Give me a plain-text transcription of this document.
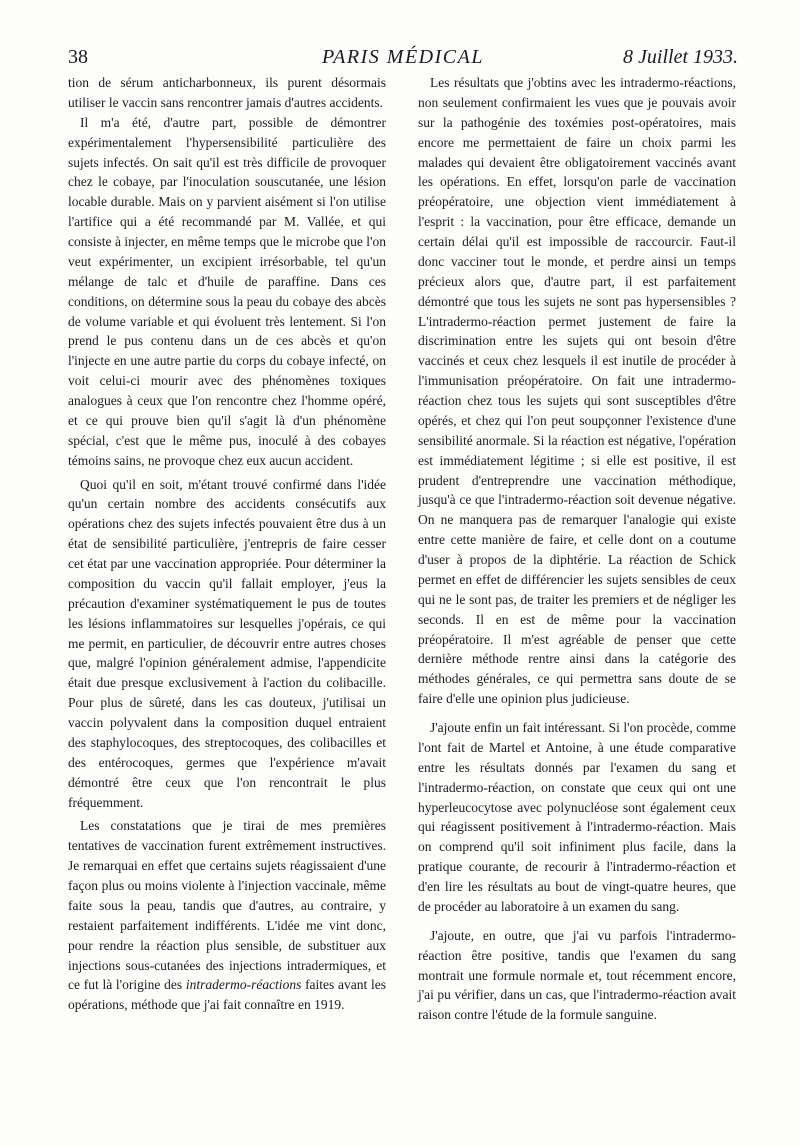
38	PARIS MÉDICAL	8 Juillet 1933.

tion de sérum anticharbonneux, ils purent désormais utiliser le vaccin sans rencontrer jamais d'autres accidents.

Il m'a été, d'autre part, possible de démontrer expérimentalement l'hypersensibilité particulière des sujets infectés. On sait qu'il est très difficile de provoquer chez le cobaye, par l'inoculation souscutanée, une lésion locable durable. Mais on y parvient aisément si l'on utilise l'artifice qui a été recommandé par M. Vallée, et qui consiste à injecter, en même temps que le microbe que l'on veut expérimenter, un excipient irrésorbable, tel qu'un mélange de talc et d'huile de paraffine. Dans ces conditions, on détermine sous la peau du cobaye des abcès de volume variable et qui évoluent très lentement. Si l'on prend le pus contenu dans un de ces abcès et qu'on l'injecte en une autre partie du corps du cobaye infecté, on voit celui-ci mourir avec des phénomènes toxiques analogues à ceux que l'on rencontre chez l'homme opéré, et ce qui prouve bien qu'il s'agit là d'un phénomène spécial, c'est que le même pus, inoculé à des cobayes témoins sains, ne provoque chez eux aucun accident.

Quoi qu'il en soit, m'étant trouvé confirmé dans l'idée qu'un certain nombre des accidents consécutifs aux opérations chez des sujets infectés pouvaient être dus à un état de sensibilité particulière, j'entrepris de faire cesser cet état par une vaccination appropriée. Pour déterminer la composition du vaccin qu'il fallait employer, j'eus la précaution d'examiner systématiquement le pus de toutes les lésions inflammatoires sur lesquelles j'opérais, ce qui me permit, en particulier, de découvrir entre autres choses que, malgré l'opinion généralement admise, l'appendicite était due presque exclusivement à l'action du colibacille. Pour plus de sûreté, dans les cas douteux, j'utilisai un vaccin polyvalent dans la composition duquel entraient des staphylocoques, des streptocoques, des colibacilles et des entérocoques, germes que l'expérience m'avait démontré être ceux que l'on rencontrait le plus fréquemment.

Les constatations que je tirai de mes premières tentatives de vaccination furent extrêmement instructives. Je remarquai en effet que certains sujets réagissaient d'une façon plus ou moins violente à l'injection vaccinale, même faite sous la peau, tandis que d'autres, au contraire, y restaient parfaitement indifférents. L'idée me vint donc, pour rendre la réaction plus sensible, de substituer aux injections sous-cutanées des injections intradermiques, et ce fut là l'origine des intradermo-réactions faites avant les opérations, méthode que j'ai fait connaître en 1919.

Les résultats que j'obtins avec les intradermo-réactions, non seulement confirmaient les vues que je pouvais avoir sur la pathogénie des toxémies post-opératoires, mais encore me permettaient de faire un choix parmi les malades qui devaient être obligatoirement vaccinés avant les opérations. En effet, lorsqu'on parle de vaccination préopératoire, une objection vient immédiatement à l'esprit : la vaccination, pour être efficace, demande un certain délai qu'il est impossible de raccourcir. Faut-il donc vacciner tout le monde, et perdre ainsi un temps précieux alors que, d'autre part, il est parfaitement démontré que tous les sujets ne sont pas hypersensibles ? L'intradermo-réaction permet justement de faire la discrimination entre les sujets qui ont besoin d'être vaccinés et ceux chez lesquels il est inutile de procéder à l'immunisation préopératoire. On fait une intradermo-réaction chez tous les sujets qui sont susceptibles d'être opérés, et chez qui l'on peut soupçonner l'existence d'une sensibilité anormale. Si la réaction est négative, l'opération est immédiatement légitime ; si elle est positive, il est prudent d'entreprendre une vaccination méthodique, jusqu'à ce que l'intradermo-réaction soit devenue négative. On ne manquera pas de remarquer l'analogie qui existe entre cette manière de faire, et celle dont on a coutume d'user à propos de la diphtérie. La réaction de Schick permet en effet de différencier les sujets sensibles de ceux qui ne le sont pas, de traiter les premiers et de négliger les seconds. Il en est de même pour la vaccination préopératoire. Il m'est agréable de penser que cette dernière méthode rentre ainsi dans la catégorie des méthodes générales, ce qui permettra sans doute de se faire d'elle une opinion plus judicieuse.

J'ajoute enfin un fait intéressant. Si l'on procède, comme l'ont fait de Martel et Antoine, à une étude comparative entre les résultats donnés par l'examen du sang et l'intradermo-réaction, on constate que ceux qui ont une hyperleucocytose avec polynucléose sont également ceux qui réagissent positivement à l'intradermo-réaction. Mais on comprend qu'il soit infiniment plus facile, dans la pratique courante, de recourir à l'intradermo-réaction et d'en lire les résultats au bout de vingt-quatre heures, que de procéder au laboratoire à un examen du sang.

J'ajoute, en outre, que j'ai vu parfois l'intradermo-réaction être positive, tandis que l'examen du sang montrait une formule normale et, tout récemment encore, j'ai pu vérifier, dans un cas, que l'intradermo-réaction avait raison contre l'étude de la formule sanguine.
